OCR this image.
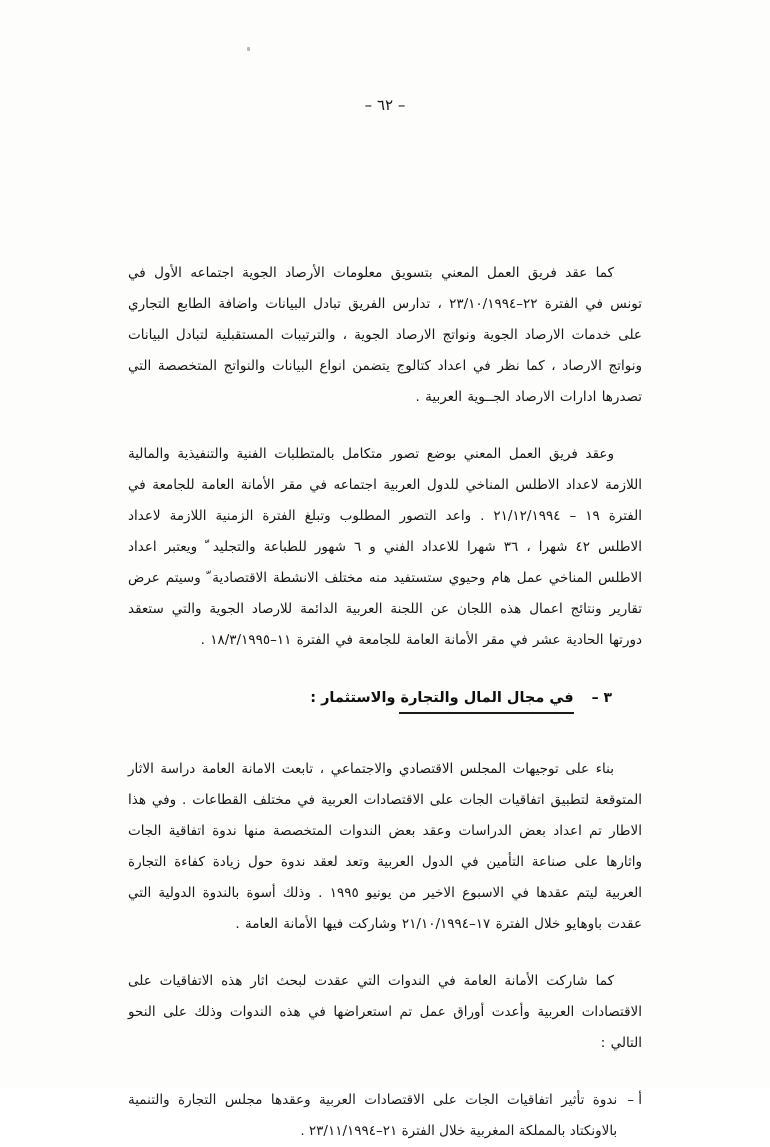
– ٦٢ –

كما عقد فريق العمل المعني بتسويق معلومات الأرصاد الجوية اجتماعه الأول في تونس في الفترة ٢٢–٢٣/١٠/١٩٩٤ ، تدارس الفريق تبادل البيانات واضافة الطابع التجاري على خدمات الارصاد الجوية ونواتج الارصاد الجوية ، والترتيبات المستقبلية لتبادل البيانات ونواتج الارصاد ، كما نظر في اعداد كتالوج يتضمن انواع البيانات والنواتج المتخصصة التي تصدرها ادارات الارصاد الجــوية العربية .

وعقد فريق العمل المعني بوضع تصور متكامل بالمتطلبات الفنية والتنفيذية والمالية اللازمة لاعداد الاطلس المناخي للدول العربية اجتماعه في مقر الأمانة العامة للجامعة في الفترة ١٩ – ٢١/١٢/١٩٩٤ . واعد التصور المطلوب وتبلغ الفترة الزمنية اللازمة لاعداد الاطلس ٤٢ شهرا ، ٣٦ شهرا للاعداد الفني و ٦ شهور للطباعة والتجليد ّ ويعتبر اعداد الاطلس المناخي عمل هام وحيوي ستستفيد منه مختلف الانشطة الاقتصادية ّ وسيتم عرض تقارير ونتائج اعمال هذه اللجان عن اللجنة العربية الدائمة للارصاد الجوية والتي ستعقد دورتها الحادية عشر في مقر الأمانة العامة للجامعة في الفترة ١١–١٨/٣/١٩٩٥ .

٣ –
في مجال المال والتجارة والاستثمار :

بناء على توجيهات المجلس الاقتصادي والاجتماعي ، تابعت الامانة العامة دراسة الاثار المتوقعة لتطبيق اتفاقيات الجات على الاقتصادات العربية في مختلف القطاعات . وفي هذا الاطار تم اعداد بعض الدراسات وعقد بعض الندوات المتخصصة منها ندوة اتفاقية الجات واثارها على صناعة التأمين في الدول العربية وتعد لعقد ندوة حول زيادة كفاءة التجارة العربية ليتم عقدها في الاسبوع الاخير من يونيو ١٩٩٥ . وذلك أسوة بالندوة الدولية التي عقدت باوهايو خلال الفترة ١٧–٢١/١٠/١٩٩٤ وشاركت فيها الأمانة العامة .

كما شاركت الأمانة العامة في الندوات التي عقدت لبحث اثار هذه الاتفاقيات على الاقتصادات العربية وأعدت أوراق عمل تم استعراضها في هذه الندوات وذلك على النحو التالي :

أ –
ندوة تأثير اتفاقيات الجات على الاقتصادات العربية وعقدها مجلس التجارة والتنمية بالاونكتاد بالمملكة المغربية خلال الفترة ٢١–٢٣/١١/١٩٩٤ .
